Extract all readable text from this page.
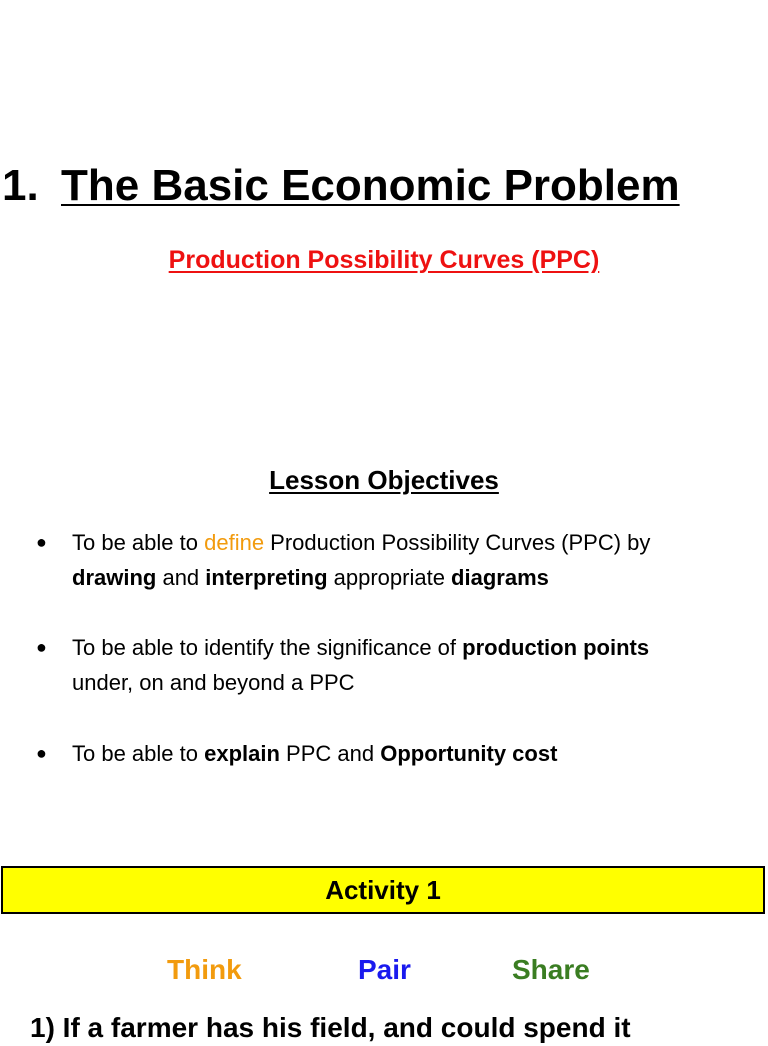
1. The Basic Economic Problem
Production Possibility Curves (PPC)
Lesson Objectives
● To be able to define Production Possibility Curves (PPC) by
drawing and interpreting appropriate diagrams
● To be able to identify the significance of production points
under, on and beyond a PPC
● To be able to explain PPC and Opportunity cost
Activity 1
Think	Pair	Share
1) If a farmer has his field, and could spend it
